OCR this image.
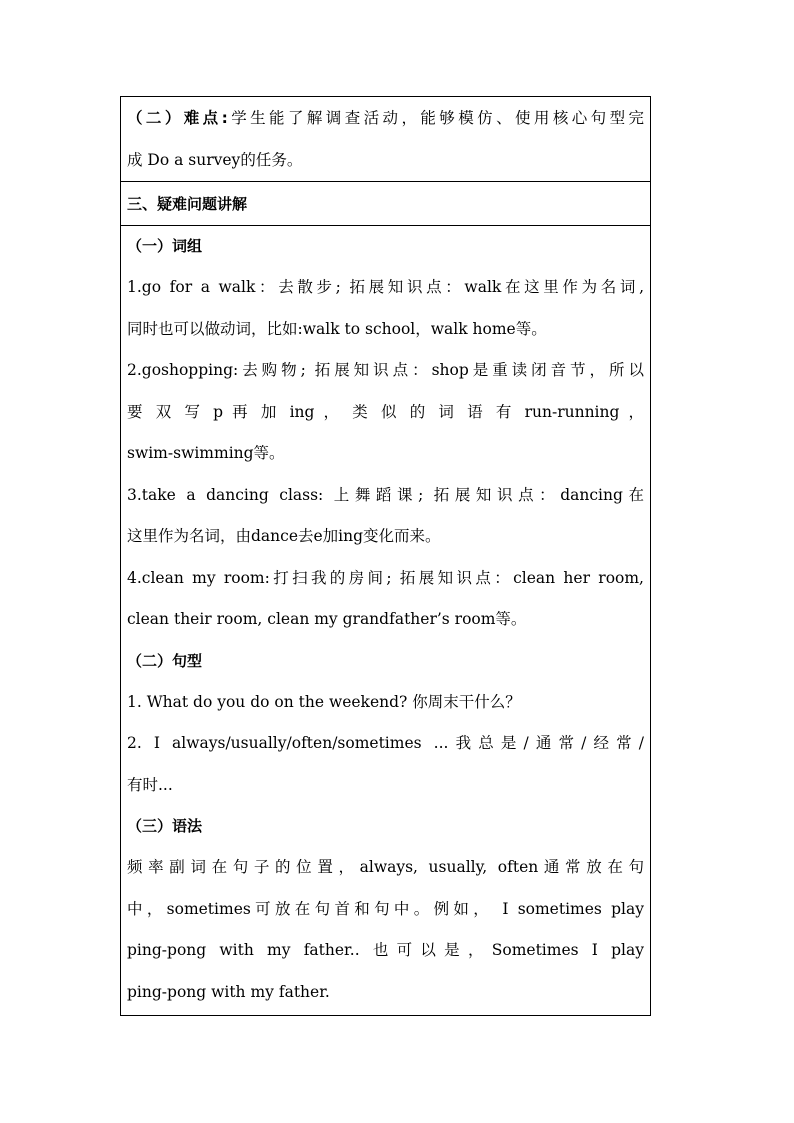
（二）难点:学生能了解调查活动，能够模仿、使用核心句型完
成 Do a survey的任务。
三、疑难问题讲解
（一）词组
1.go for a walk：去散步; 拓展知识点：walk在这里作为名词,
同时也可以做动词，比如:walk to school，walk home等。
2.goshopping:去购物; 拓展知识点：shop是重读闭音节，所以
要 双 写 p 再 加 ing ， 类 似 的 词 语 有 run-running ，
swim-swimming等。
3.take a dancing class: 上舞蹈课; 拓展知识点：dancing在
这里作为名词，由dance去e加ing变化而来。
4.clean my room:打扫我的房间; 拓展知识点：clean her room,
clean their room, clean my grandfather’s room等。
（二）句型
1. What do you do on the weekend? 你周末干什么？
2. I always/usually/often/sometimes ...我总是/通常/经常/
有时...
（三）语法
频率副词在句子的位置，always, usually, often通常放在句
中，sometimes可放在句首和句中。例如， I sometimes play
ping-pong with my father.. 也可以是，Sometimes I play
ping-pong with my father.
